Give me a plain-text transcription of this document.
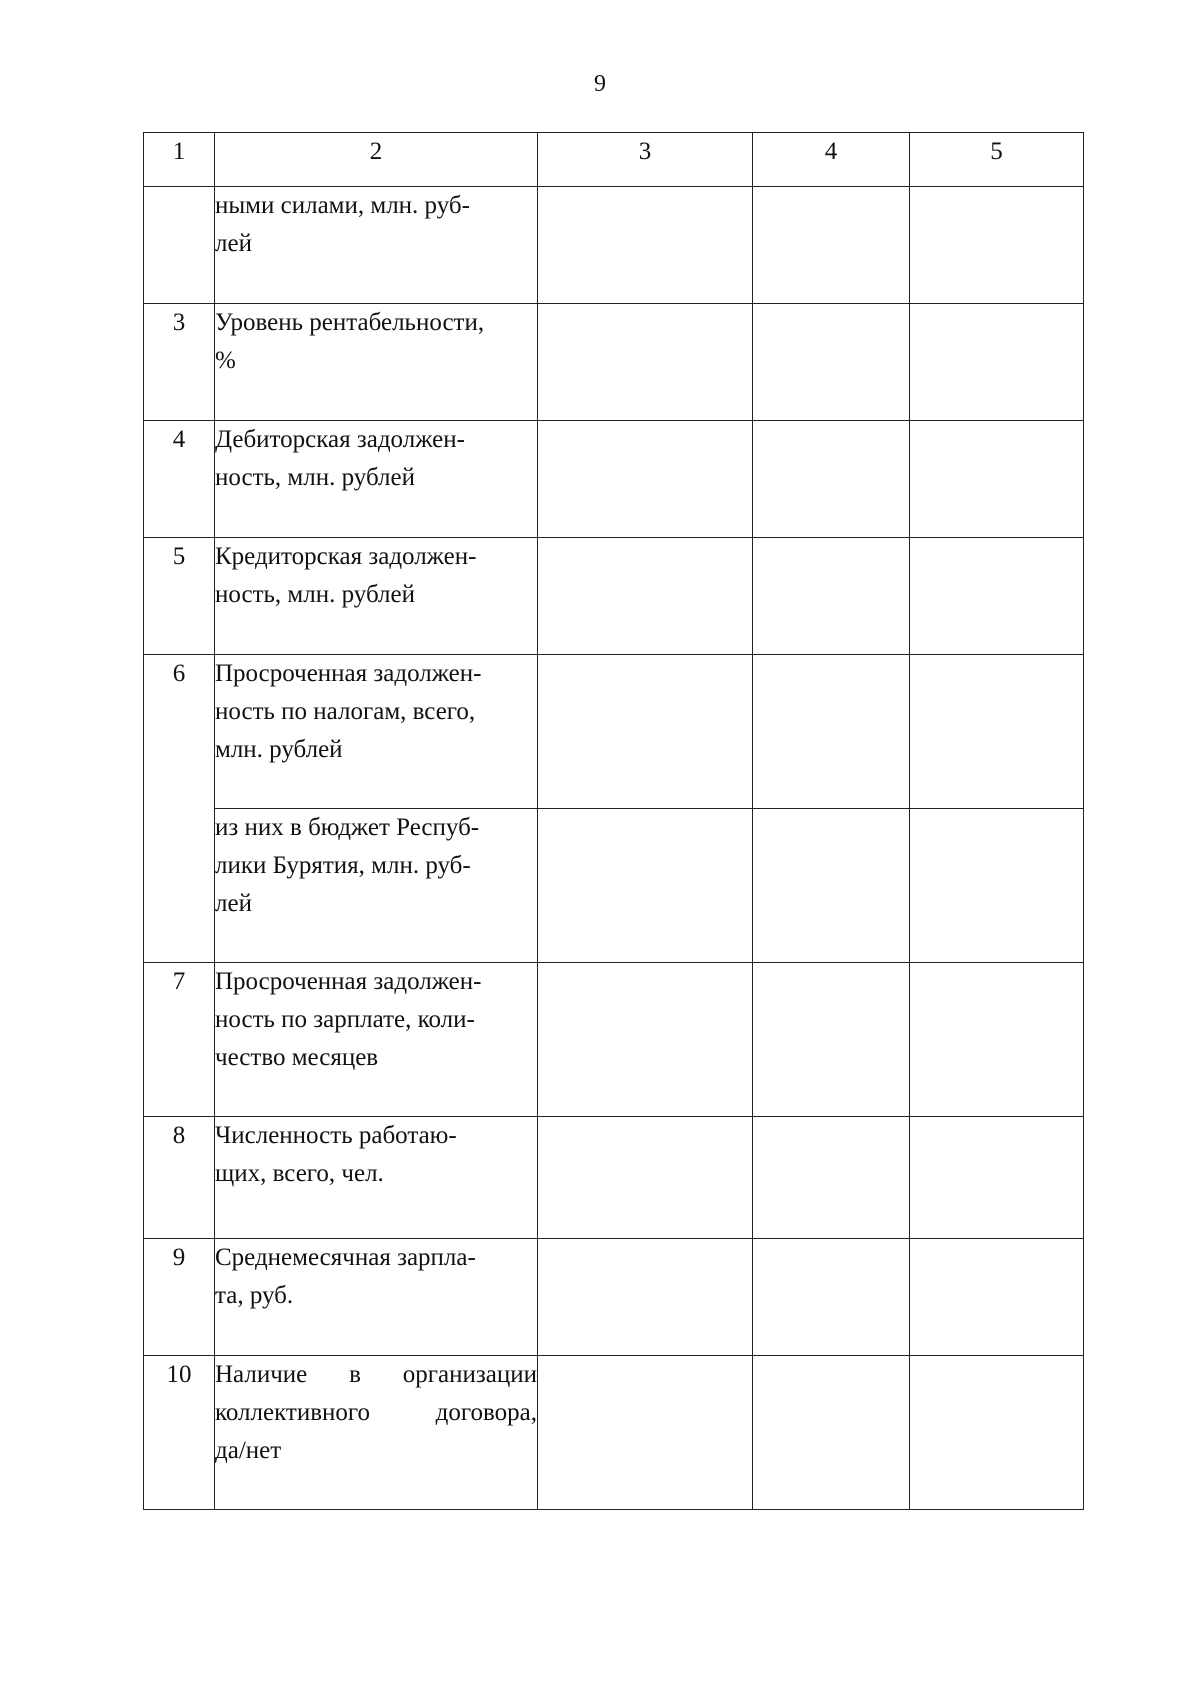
9
1	2	3	4	5

	ными силами, млн. руб-
лей			

3	Уровень рентабельности,
%			

4	Дебиторская задолжен-
ность, млн. рублей			

5	Кредиторская задолжен-
ность, млн. рублей			

6	Просроченная задолжен-
ность по налогам, всего,
млн. рублей			

	из них в бюджет Респуб-
лики Бурятия, млн. руб-
лей			

7	Просроченная задолжен-
ность по зарплате, коли-
чество месяцев			

8	Численность работаю-
щих, всего, чел.			

9	Среднемесячная зарпла-
та, руб.			

10	Наличие в организации
коллективного договора,
да/нет			
